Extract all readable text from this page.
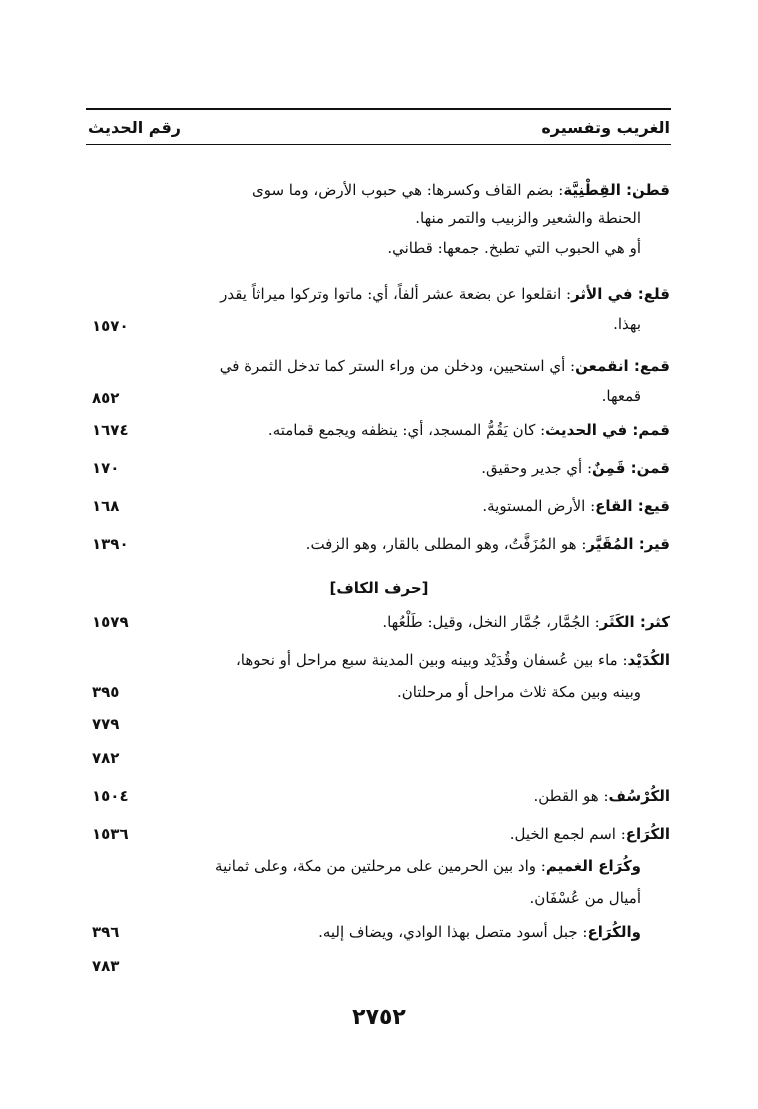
الغريب وتفسيره
رقم الحديث
قطن: القِطْنِيَّة: بضم القاف وكسرها: هي حبوب الأرض، وما سوى
الحنطة والشعير والزبيب والتمر منها.
أو هي الحبوب التي تطبخ. جمعها: قطاني.
قلع: في الأثر: انقلعوا عن بضعة عشر ألفاً، أي: ماتوا وتركوا ميراثاً يقدر
بهذا.
قمع: انقمعن: أي استحيين، ودخلن من وراء الستر كما تدخل الثمرة في
قمعها.
قمم: في الحديث: كان يَقُمُّ المسجد، أي: ينظفه ويجمع قمامته.
قمن: قَمِنٌ: أي جدير وحقيق.
قيع: القاع: الأرض المستوية.
قير: المُقَيَّر: هو المُزَفَّتُ، وهو المطلى بالقار، وهو الزفت.
كثر: الكَثَر: الجُمَّار، جُمَّار النخل، وقيل: طَلْعُها.
الكُدَيْد: ماء بين عُسفان وقُدَيْد وبينه وبين المدينة سبع مراحل أو نحوها،
وبينه وبين مكة ثلاث مراحل أو مرحلتان.
الكُرْسُف: هو القطن.
الكُرَاع: اسم لجمع الخيل.
وكُرَاع الغميم: واد بين الحرمين على مرحلتين من مكة، وعلى ثمانية
أميال من عُسْفَان.
والكُرَاع: جبل أسود متصل بهذا الوادي، ويضاف إليه.
١٥٧٠
٨٥٢
١٦٧٤
١٧٠
١٦٨
١٣٩٠
١٥٧٩
٣٩٥
٧٧٩
٧٨٢
١٥٠٤
١٥٣٦
٣٩٦
٧٨٣
[حرف الكاف]
٢٧٥٢
